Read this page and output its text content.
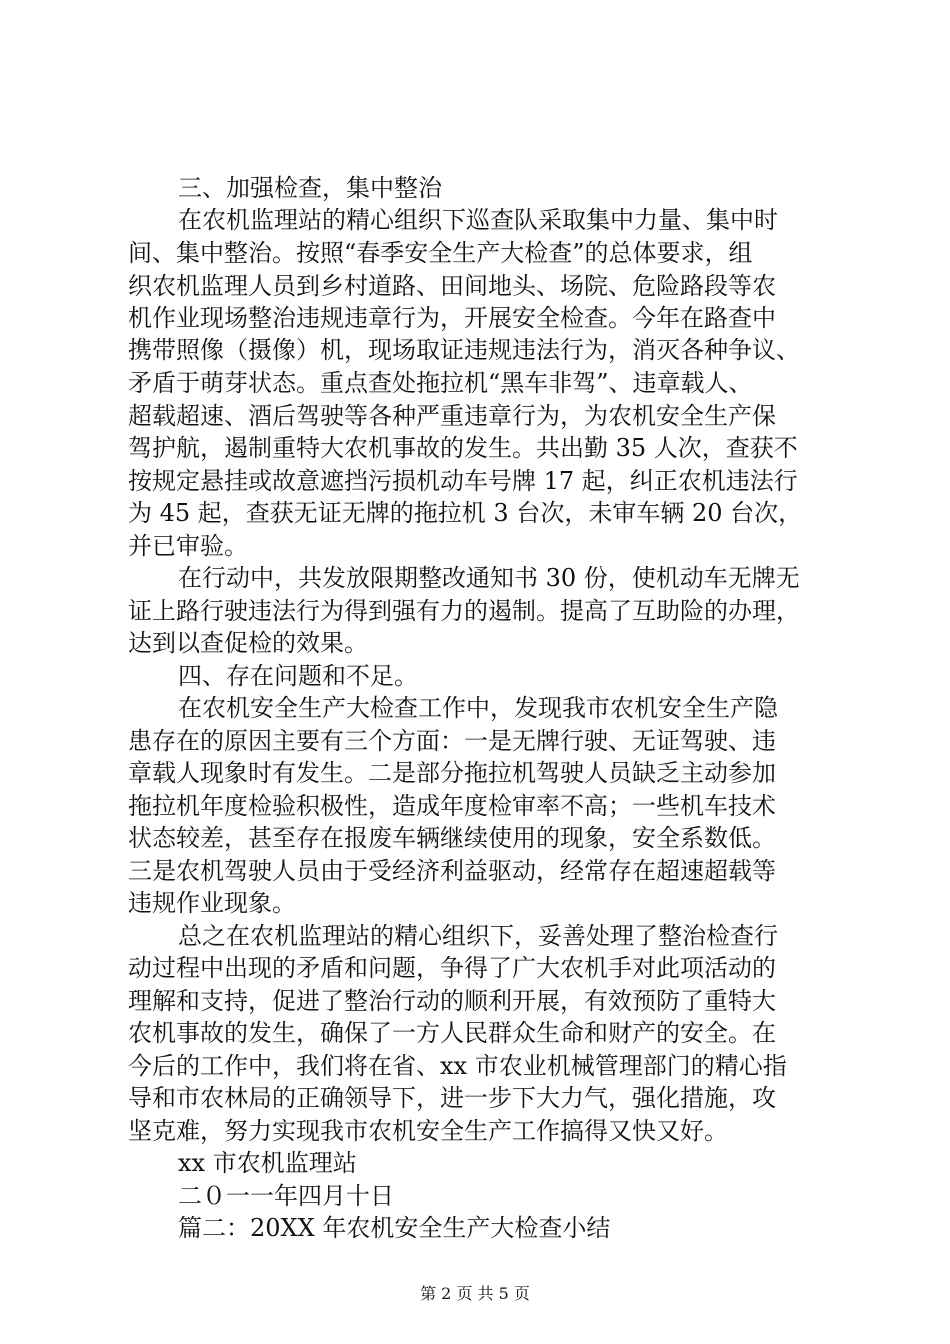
三、加强检查，集中整治

在农机监理站的精心组织下巡查队采取集中力量、集中时

间、集中整治。按照“春季安全生产大检查”的总体要求，组

织农机监理人员到乡村道路、田间地头、场院、危险路段等农

机作业现场整治违规违章行为，开展安全检查。今年在路查中

携带照像（摄像）机，现场取证违规违法行为，消灭各种争议、

矛盾于萌芽状态。重点查处拖拉机“黑车非驾”、违章载人、

超载超速、酒后驾驶等各种严重违章行为，为农机安全生产保

驾护航，遏制重特大农机事故的发生。共出勤 35 人次，查获不

按规定悬挂或故意遮挡污损机动车号牌 17 起，纠正农机违法行

为 45 起，查获无证无牌的拖拉机 3 台次，未审车辆 20 台次，

并已审验。

在行动中，共发放限期整改通知书 30 份，使机动车无牌无

证上路行驶违法行为得到强有力的遏制。提高了互助险的办理，

达到以查促检的效果。

四、存在问题和不足。

在农机安全生产大检查工作中，发现我市农机安全生产隐

患存在的原因主要有三个方面：一是无牌行驶、无证驾驶、违

章载人现象时有发生。二是部分拖拉机驾驶人员缺乏主动参加

拖拉机年度检验积极性，造成年度检审率不高；一些机车技术

状态较差，甚至存在报废车辆继续使用的现象，安全系数低。

三是农机驾驶人员由于受经济利益驱动，经常存在超速超载等

违规作业现象。

总之在农机监理站的精心组织下，妥善处理了整治检查行

动过程中出现的矛盾和问题，争得了广大农机手对此项活动的

理解和支持，促进了整治行动的顺利开展，有效预防了重特大

农机事故的发生，确保了一方人民群众生命和财产的安全。在

今后的工作中，我们将在省、xx 市农业机械管理部门的精心指

导和市农林局的正确领导下，进一步下大力气，强化措施，攻

坚克难，努力实现我市农机安全生产工作搞得又快又好。

xx 市农机监理站

二０一一年四月十日

篇二：20XX 年农机安全生产大检查小结

第 2 页 共 5 页
